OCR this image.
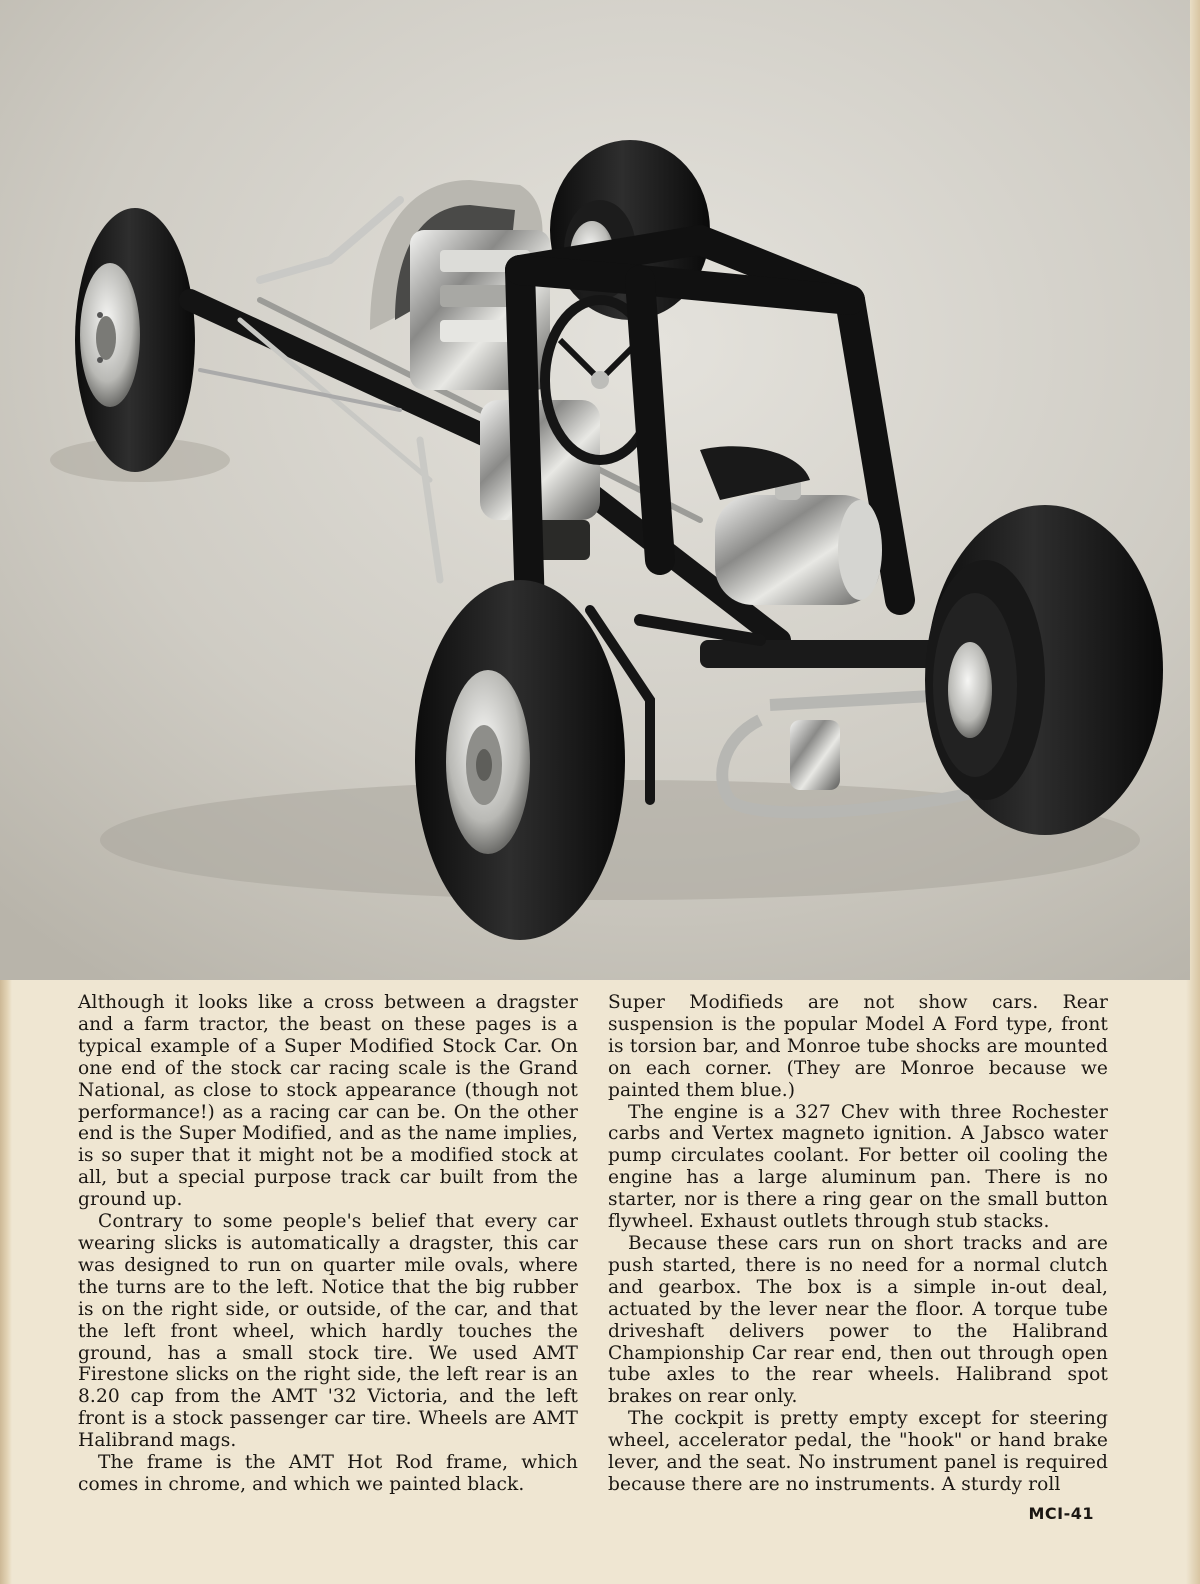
Although it looks like a cross between a dragster and a farm tractor, the beast on these pages is a typical example of a Super Modified Stock Car. On one end of the stock car racing scale is the Grand National, as close to stock appearance (though not performance!) as a racing car can be. On the other end is the Super Modified, and as the name implies, is so super that it might not be a modified stock at all, but a special purpose track car built from the ground up.

Contrary to some people's belief that every car wearing slicks is automatically a dragster, this car was designed to run on quarter mile ovals, where the turns are to the left. Notice that the big rubber is on the right side, or outside, of the car, and that the left front wheel, which hardly touches the ground, has a small stock tire. We used AMT Firestone slicks on the right side, the left rear is an 8.20 cap from the AMT '32 Victoria, and the left front is a stock passenger car tire. Wheels are AMT Halibrand mags.

The frame is the AMT Hot Rod frame, which comes in chrome, and which we painted black.

Super Modifieds are not show cars. Rear suspension is the popular Model A Ford type, front is torsion bar, and Monroe tube shocks are mounted on each corner. (They are Monroe because we painted them blue.)

The engine is a 327 Chev with three Rochester carbs and Vertex magneto ignition. A Jabsco water pump circulates coolant. For better oil cooling the engine has a large aluminum pan. There is no starter, nor is there a ring gear on the small button flywheel. Exhaust outlets through stub stacks.

Because these cars run on short tracks and are push started, there is no need for a normal clutch and gearbox. The box is a simple in-out deal, actuated by the lever near the floor. A torque tube driveshaft delivers power to the Halibrand Championship Car rear end, then out through open tube axles to the rear wheels. Halibrand spot brakes on rear only.

The cockpit is pretty empty except for steering wheel, accelerator pedal, the "hook" or hand brake lever, and the seat. No instrument panel is required because there are no instruments. A sturdy roll

MCI-41
